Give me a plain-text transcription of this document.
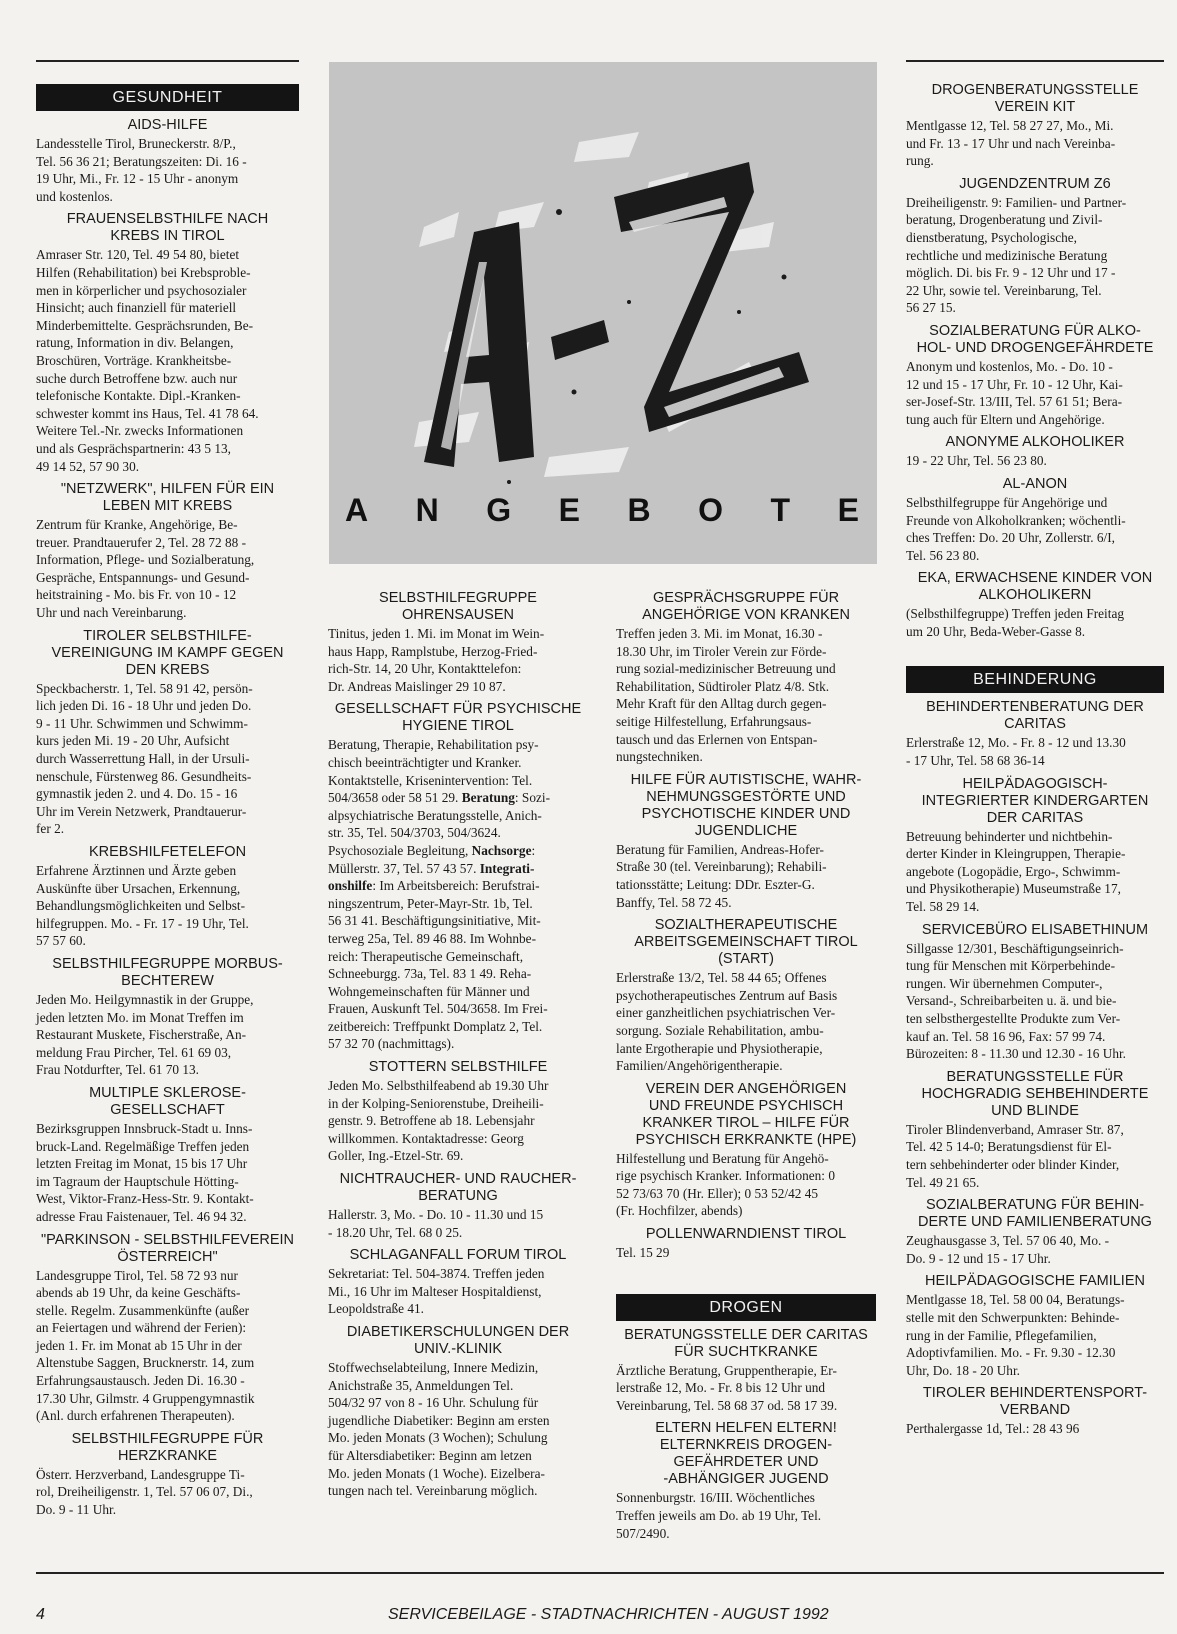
A N G E B O T E
GESUNDHEIT
AIDS-HILFE
Landesstelle Tirol, Bruneckerstr. 8/P.,
Tel. 56 36 21; Beratungszeiten: Di. 16 -
19 Uhr, Mi., Fr. 12 - 15 Uhr - anonym
und kostenlos.
FRAUENSELBSTHILFE NACH
KREBS IN TIROL
Amraser Str. 120, Tel. 49 54 80, bietet
Hilfen (Rehabilitation) bei Krebsproble-
men in körperlicher und psychosozialer
Hinsicht; auch finanziell für materiell
Minderbemittelte. Gesprächsrunden, Be-
ratung, Information in div. Belangen,
Broschüren, Vorträge. Krankheitsbe-
suche durch Betroffene bzw. auch nur
telefonische Kontakte. Dipl.-Kranken-
schwester kommt ins Haus, Tel. 41 78 64.
Weitere Tel.-Nr. zwecks Informationen
und als Gesprächspartnerin: 43 5 13,
49 14 52, 57 90 30.
"NETZWERK", HILFEN FÜR EIN
LEBEN MIT KREBS
Zentrum für Kranke, Angehörige, Be-
treuer. Prandtauerufer 2, Tel. 28 72 88 -
Information, Pflege- und Sozialberatung,
Gespräche, Entspannungs- und Gesund-
heitstraining - Mo. bis Fr. von 10 - 12
Uhr und nach Vereinbarung.
TIROLER SELBSTHILFE-
VEREINIGUNG IM KAMPF GEGEN
DEN KREBS
Speckbacherstr. 1, Tel. 58 91 42, persön-
lich jeden Di. 16 - 18 Uhr und jeden Do.
9 - 11 Uhr. Schwimmen und Schwimm-
kurs jeden Mi. 19 - 20 Uhr, Aufsicht
durch Wasserrettung Hall, in der Ursuli-
nenschule, Fürstenweg 86. Gesundheits-
gymnastik jeden 2. und 4. Do. 15 - 16
Uhr im Verein Netzwerk, Prandtauerur-
fer 2.
KREBSHILFETELEFON
Erfahrene Ärztinnen und Ärzte geben
Auskünfte über Ursachen, Erkennung,
Behandlungsmöglichkeiten und Selbst-
hilfegruppen. Mo. - Fr. 17 - 19 Uhr, Tel.
57 57 60.
SELBSTHILFEGRUPPE MORBUS-
BECHTEREW
Jeden Mo. Heilgymnastik in der Gruppe,
jeden letzten Mo. im Monat Treffen im
Restaurant Muskete, Fischerstraße, An-
meldung Frau Pircher, Tel. 61 69 03,
Frau Notdurfter, Tel. 61 70 13.
MULTIPLE SKLEROSE-
GESELLSCHAFT
Bezirksgruppen Innsbruck-Stadt u. Inns-
bruck-Land. Regelmäßige Treffen jeden
letzten Freitag im Monat, 15 bis 17 Uhr
im Tagraum der Hauptschule Hötting-
West, Viktor-Franz-Hess-Str. 9. Kontakt-
adresse Frau Faistenauer, Tel. 46 94 32.
"PARKINSON - SELBSTHILFEVEREIN
ÖSTERREICH"
Landesgruppe Tirol, Tel. 58 72 93 nur
abends ab 19 Uhr, da keine Geschäfts-
stelle. Regelm. Zusammenkünfte (außer
an Feiertagen und während der Ferien):
jeden 1. Fr. im Monat ab 15 Uhr in der
Altenstube Saggen, Brucknerstr. 14, zum
Erfahrungsaustausch. Jeden Di. 16.30 -
17.30 Uhr, Gilmstr. 4 Gruppengymnastik
(Anl. durch erfahrenen Therapeuten).
SELBSTHILFEGRUPPE FÜR
HERZKRANKE
Österr. Herzverband, Landesgruppe Ti-
rol, Dreiheiligenstr. 1, Tel. 57 06 07, Di.,
Do. 9 - 11 Uhr.
SELBSTHILFEGRUPPE
OHRENSAUSEN
Tinitus, jeden 1. Mi. im Monat im Wein-
haus Happ, Ramplstube, Herzog-Fried-
rich-Str. 14, 20 Uhr, Kontakttelefon:
Dr. Andreas Maislinger 29 10 87.
GESELLSCHAFT FÜR PSYCHISCHE
HYGIENE TIROL
Beratung, Therapie, Rehabilitation psy-
chisch beeinträchtigter und Kranker.
Kontaktstelle, Krisenintervention: Tel.
504/3658 oder 58 51 29. Beratung: Sozi-
alpsychiatrische Beratungsstelle, Anich-
str. 35, Tel. 504/3703, 504/3624.
Psychosoziale Begleitung, Nachsorge:
Müllerstr. 37, Tel. 57 43 57. Integrati-
onshilfe: Im Arbeitsbereich: Berufstrai-
ningszentrum, Peter-Mayr-Str. 1b, Tel.
56 31 41. Beschäftigungsinitiative, Mit-
terweg 25a, Tel. 89 46 88. Im Wohnbe-
reich: Therapeutische Gemeinschaft,
Schneeburgg. 73a, Tel. 83 1 49. Reha-
Wohngemeinschaften für Männer und
Frauen, Auskunft Tel. 504/3658. Im Frei-
zeitbereich: Treffpunkt Domplatz 2, Tel.
57 32 70 (nachmittags).
STOTTERN SELBSTHILFE
Jeden Mo. Selbsthilfeabend ab 19.30 Uhr
in der Kolping-Seniorenstube, Dreiheili-
genstr. 9. Betroffene ab 18. Lebensjahr
willkommen. Kontaktadresse: Georg
Goller, Ing.-Etzel-Str. 69.
NICHTRAUCHER- UND RAUCHER-
BERATUNG
Hallerstr. 3, Mo. - Do. 10 - 11.30 und 15
- 18.20 Uhr, Tel. 68 0 25.
SCHLAGANFALL FORUM TIROL
Sekretariat: Tel. 504-3874. Treffen jeden
Mi., 16 Uhr im Malteser Hospitaldienst,
Leopoldstraße 41.
DIABETIKERSCHULUNGEN DER
UNIV.-KLINIK
Stoffwechselabteilung, Innere Medizin,
Anichstraße 35, Anmeldungen Tel.
504/32 97 von 8 - 16 Uhr. Schulung für
jugendliche Diabetiker: Beginn am ersten
Mo. jeden Monats (3 Wochen); Schulung
für Altersdiabetiker: Beginn am letzen
Mo. jeden Monats (1 Woche). Eizelbera-
tungen nach tel. Vereinbarung möglich.
GESPRÄCHSGRUPPE FÜR
ANGEHÖRIGE VON KRANKEN
Treffen jeden 3. Mi. im Monat, 16.30 -
18.30 Uhr, im Tiroler Verein zur Förde-
rung sozial-medizinischer Betreuung und
Rehabilitation, Südtiroler Platz 4/8. Stk.
Mehr Kraft für den Alltag durch gegen-
seitige Hilfestellung, Erfahrungsaus-
tausch und das Erlernen von Entspan-
nungstechniken.
HILFE FÜR AUTISTISCHE, WAHR-
NEHMUNGSGESTÖRTE UND
PSYCHOTISCHE KINDER UND
JUGENDLICHE
Beratung für Familien, Andreas-Hofer-
Straße 30 (tel. Vereinbarung); Rehabili-
tationsstätte; Leitung: DDr. Eszter-G.
Banffy, Tel. 58 72 45.
SOZIALTHERAPEUTISCHE
ARBEITSGEMEINSCHAFT TIROL
(START)
Erlerstraße 13/2, Tel. 58 44 65; Offenes
psychotherapeutisches Zentrum auf Basis
einer ganzheitlichen psychiatrischen Ver-
sorgung. Soziale Rehabilitation, ambu-
lante Ergotherapie und Physiotherapie,
Familien/Angehörigentherapie.
VEREIN DER ANGEHÖRIGEN
UND FREUNDE PSYCHISCH
KRANKER TIROL – HILFE FÜR
PSYCHISCH ERKRANKTE (HPE)
Hilfestellung und Beratung für Angehö-
rige psychisch Kranker. Informationen: 0
52 73/63 70 (Hr. Eller); 0 53 52/42 45
(Fr. Hochfilzer, abends)
POLLENWARNDIENST TIROL
Tel. 15 29
DROGEN
BERATUNGSSTELLE DER CARITAS
FÜR SUCHTKRANKE
Ärztliche Beratung, Gruppentherapie, Er-
lerstraße 12, Mo. - Fr. 8 bis 12 Uhr und
Vereinbarung, Tel. 58 68 37 od. 58 17 39.
ELTERN HELFEN ELTERN!
ELTERNKREIS DROGEN-
GEFÄHRDETER UND
-ABHÄNGIGER JUGEND
Sonnenburgstr. 16/III. Wöchentliches
Treffen jeweils am Do. ab 19 Uhr, Tel.
507/2490.
DROGENBERATUNGSSTELLE
VEREIN KIT
Mentlgasse 12, Tel. 58 27 27, Mo., Mi.
und Fr. 13 - 17 Uhr und nach Vereinba-
rung.
JUGENDZENTRUM Z6
Dreiheiligenstr. 9: Familien- und Partner-
beratung, Drogenberatung und Zivil-
dienstberatung, Psychologische,
rechtliche und medizinische Beratung
möglich. Di. bis Fr. 9 - 12 Uhr und 17 -
22 Uhr, sowie tel. Vereinbarung, Tel.
56 27 15.
SOZIALBERATUNG FÜR ALKO-
HOL- UND DROGENGEFÄHRDETE
Anonym und kostenlos, Mo. - Do. 10 -
12 und 15 - 17 Uhr, Fr. 10 - 12 Uhr, Kai-
ser-Josef-Str. 13/III, Tel. 57 61 51; Bera-
tung auch für Eltern und Angehörige.
ANONYME ALKOHOLIKER
19 - 22 Uhr, Tel. 56 23 80.
AL-ANON
Selbsthilfegruppe für Angehörige und
Freunde von Alkoholkranken; wöchentli-
ches Treffen: Do. 20 Uhr, Zollerstr. 6/I,
Tel. 56 23 80.
EKA, ERWACHSENE KINDER VON
ALKOHOLIKERN
(Selbsthilfegruppe) Treffen jeden Freitag
um 20 Uhr, Beda-Weber-Gasse 8.
BEHINDERUNG
BEHINDERTENBERATUNG DER
CARITAS
Erlerstraße 12, Mo. - Fr. 8 - 12 und 13.30
- 17 Uhr, Tel. 58 68 36-14
HEILPÄDAGOGISCH-
INTEGRIERTER KINDERGARTEN
DER CARITAS
Betreuung behinderter und nichtbehin-
derter Kinder in Kleingruppen, Therapie-
angebote (Logopädie, Ergo-, Schwimm-
und Physikotherapie) Museumstraße 17,
Tel. 58 29 14.
SERVICEBÜRO ELISABETHINUM
Sillgasse 12/301, Beschäftigungseinrich-
tung für Menschen mit Körperbehinde-
rungen. Wir übernehmen Computer-,
Versand-, Schreibarbeiten u. ä. und bie-
ten selbsthergestellte Produkte zum Ver-
kauf an. Tel. 58 16 96, Fax: 57 99 74.
Bürozeiten: 8 - 11.30 und 12.30 - 16 Uhr.
BERATUNGSSTELLE FÜR
HOCHGRADIG SEHBEHINDERTE
UND BLINDE
Tiroler Blindenverband, Amraser Str. 87,
Tel. 42 5 14-0; Beratungsdienst für El-
tern sehbehinderter oder blinder Kinder,
Tel. 49 21 65.
SOZIALBERATUNG FÜR BEHIN-
DERTE UND FAMILIENBERATUNG
Zeughausgasse 3, Tel. 57 06 40, Mo. -
Do. 9 - 12 und 15 - 17 Uhr.
HEILPÄDAGOGISCHE FAMILIEN
Mentlgasse 18, Tel. 58 00 04, Beratungs-
stelle mit den Schwerpunkten: Behinde-
rung in der Familie, Pflegefamilien,
Adoptivfamilien. Mo. - Fr. 9.30 - 12.30
Uhr, Do. 18 - 20 Uhr.
TIROLER BEHINDERTENSPORT-
VERBAND
Perthalergasse 1d, Tel.: 28 43 96
4	SERVICEBEILAGE - STADTNACHRICHTEN - AUGUST 1992
